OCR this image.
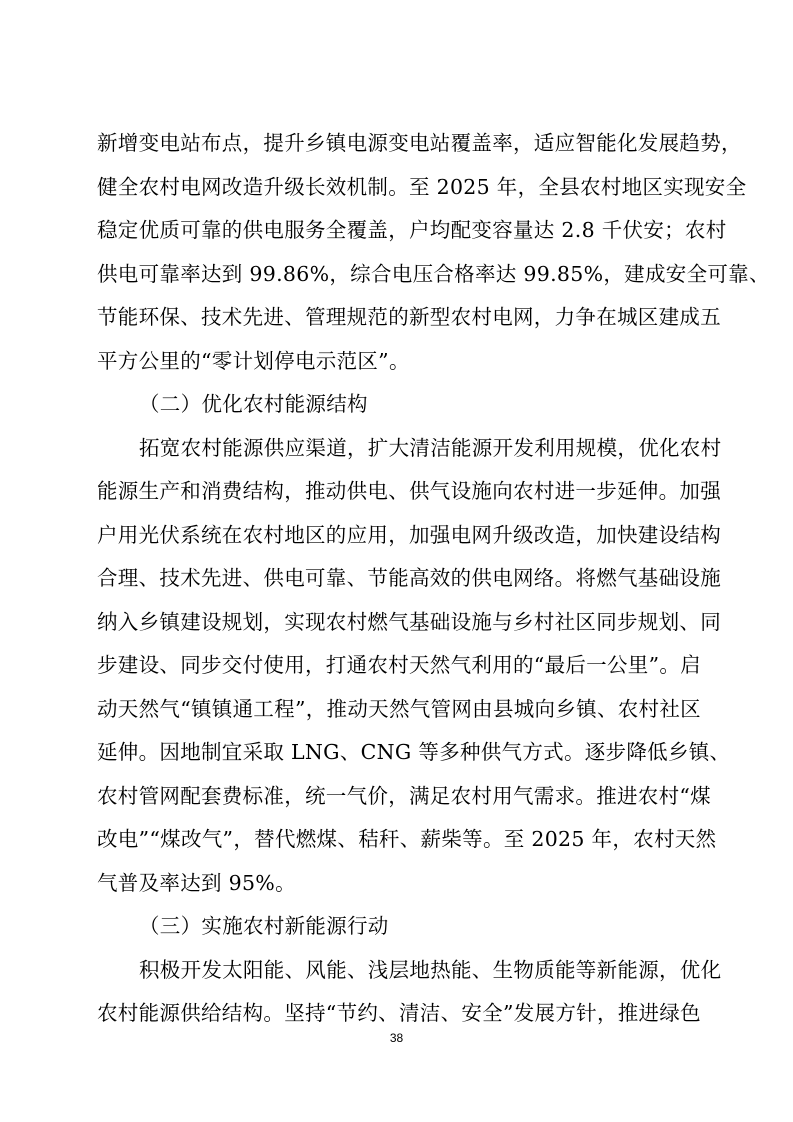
新增变电站布点，提升乡镇电源变电站覆盖率，适应智能化发展趋势，
健全农村电网改造升级长效机制。至 2025 年，全县农村地区实现安全
稳定优质可靠的供电服务全覆盖，户均配变容量达 2.8 千伏安；农村
供电可靠率达到 99.86%，综合电压合格率达 99.85%，建成安全可靠、
节能环保、技术先进、管理规范的新型农村电网，力争在城区建成五
平方公里的“零计划停电示范区”。
（二）优化农村能源结构
拓宽农村能源供应渠道，扩大清洁能源开发利用规模，优化农村
能源生产和消费结构，推动供电、供气设施向农村进一步延伸。加强
户用光伏系统在农村地区的应用，加强电网升级改造，加快建设结构
合理、技术先进、供电可靠、节能高效的供电网络。将燃气基础设施
纳入乡镇建设规划，实现农村燃气基础设施与乡村社区同步规划、同
步建设、同步交付使用，打通农村天然气利用的“最后一公里”。启
动天然气“镇镇通工程”，推动天然气管网由县城向乡镇、农村社区
延伸。因地制宜采取 LNG、CNG 等多种供气方式。逐步降低乡镇、
农村管网配套费标准，统一气价，满足农村用气需求。推进农村“煤
改电”“煤改气”，替代燃煤、秸秆、薪柴等。至 2025 年，农村天然
气普及率达到 95%。
（三）实施农村新能源行动
积极开发太阳能、风能、浅层地热能、生物质能等新能源，优化
农村能源供给结构。坚持“节约、清洁、安全”发展方针，推进绿色
38
